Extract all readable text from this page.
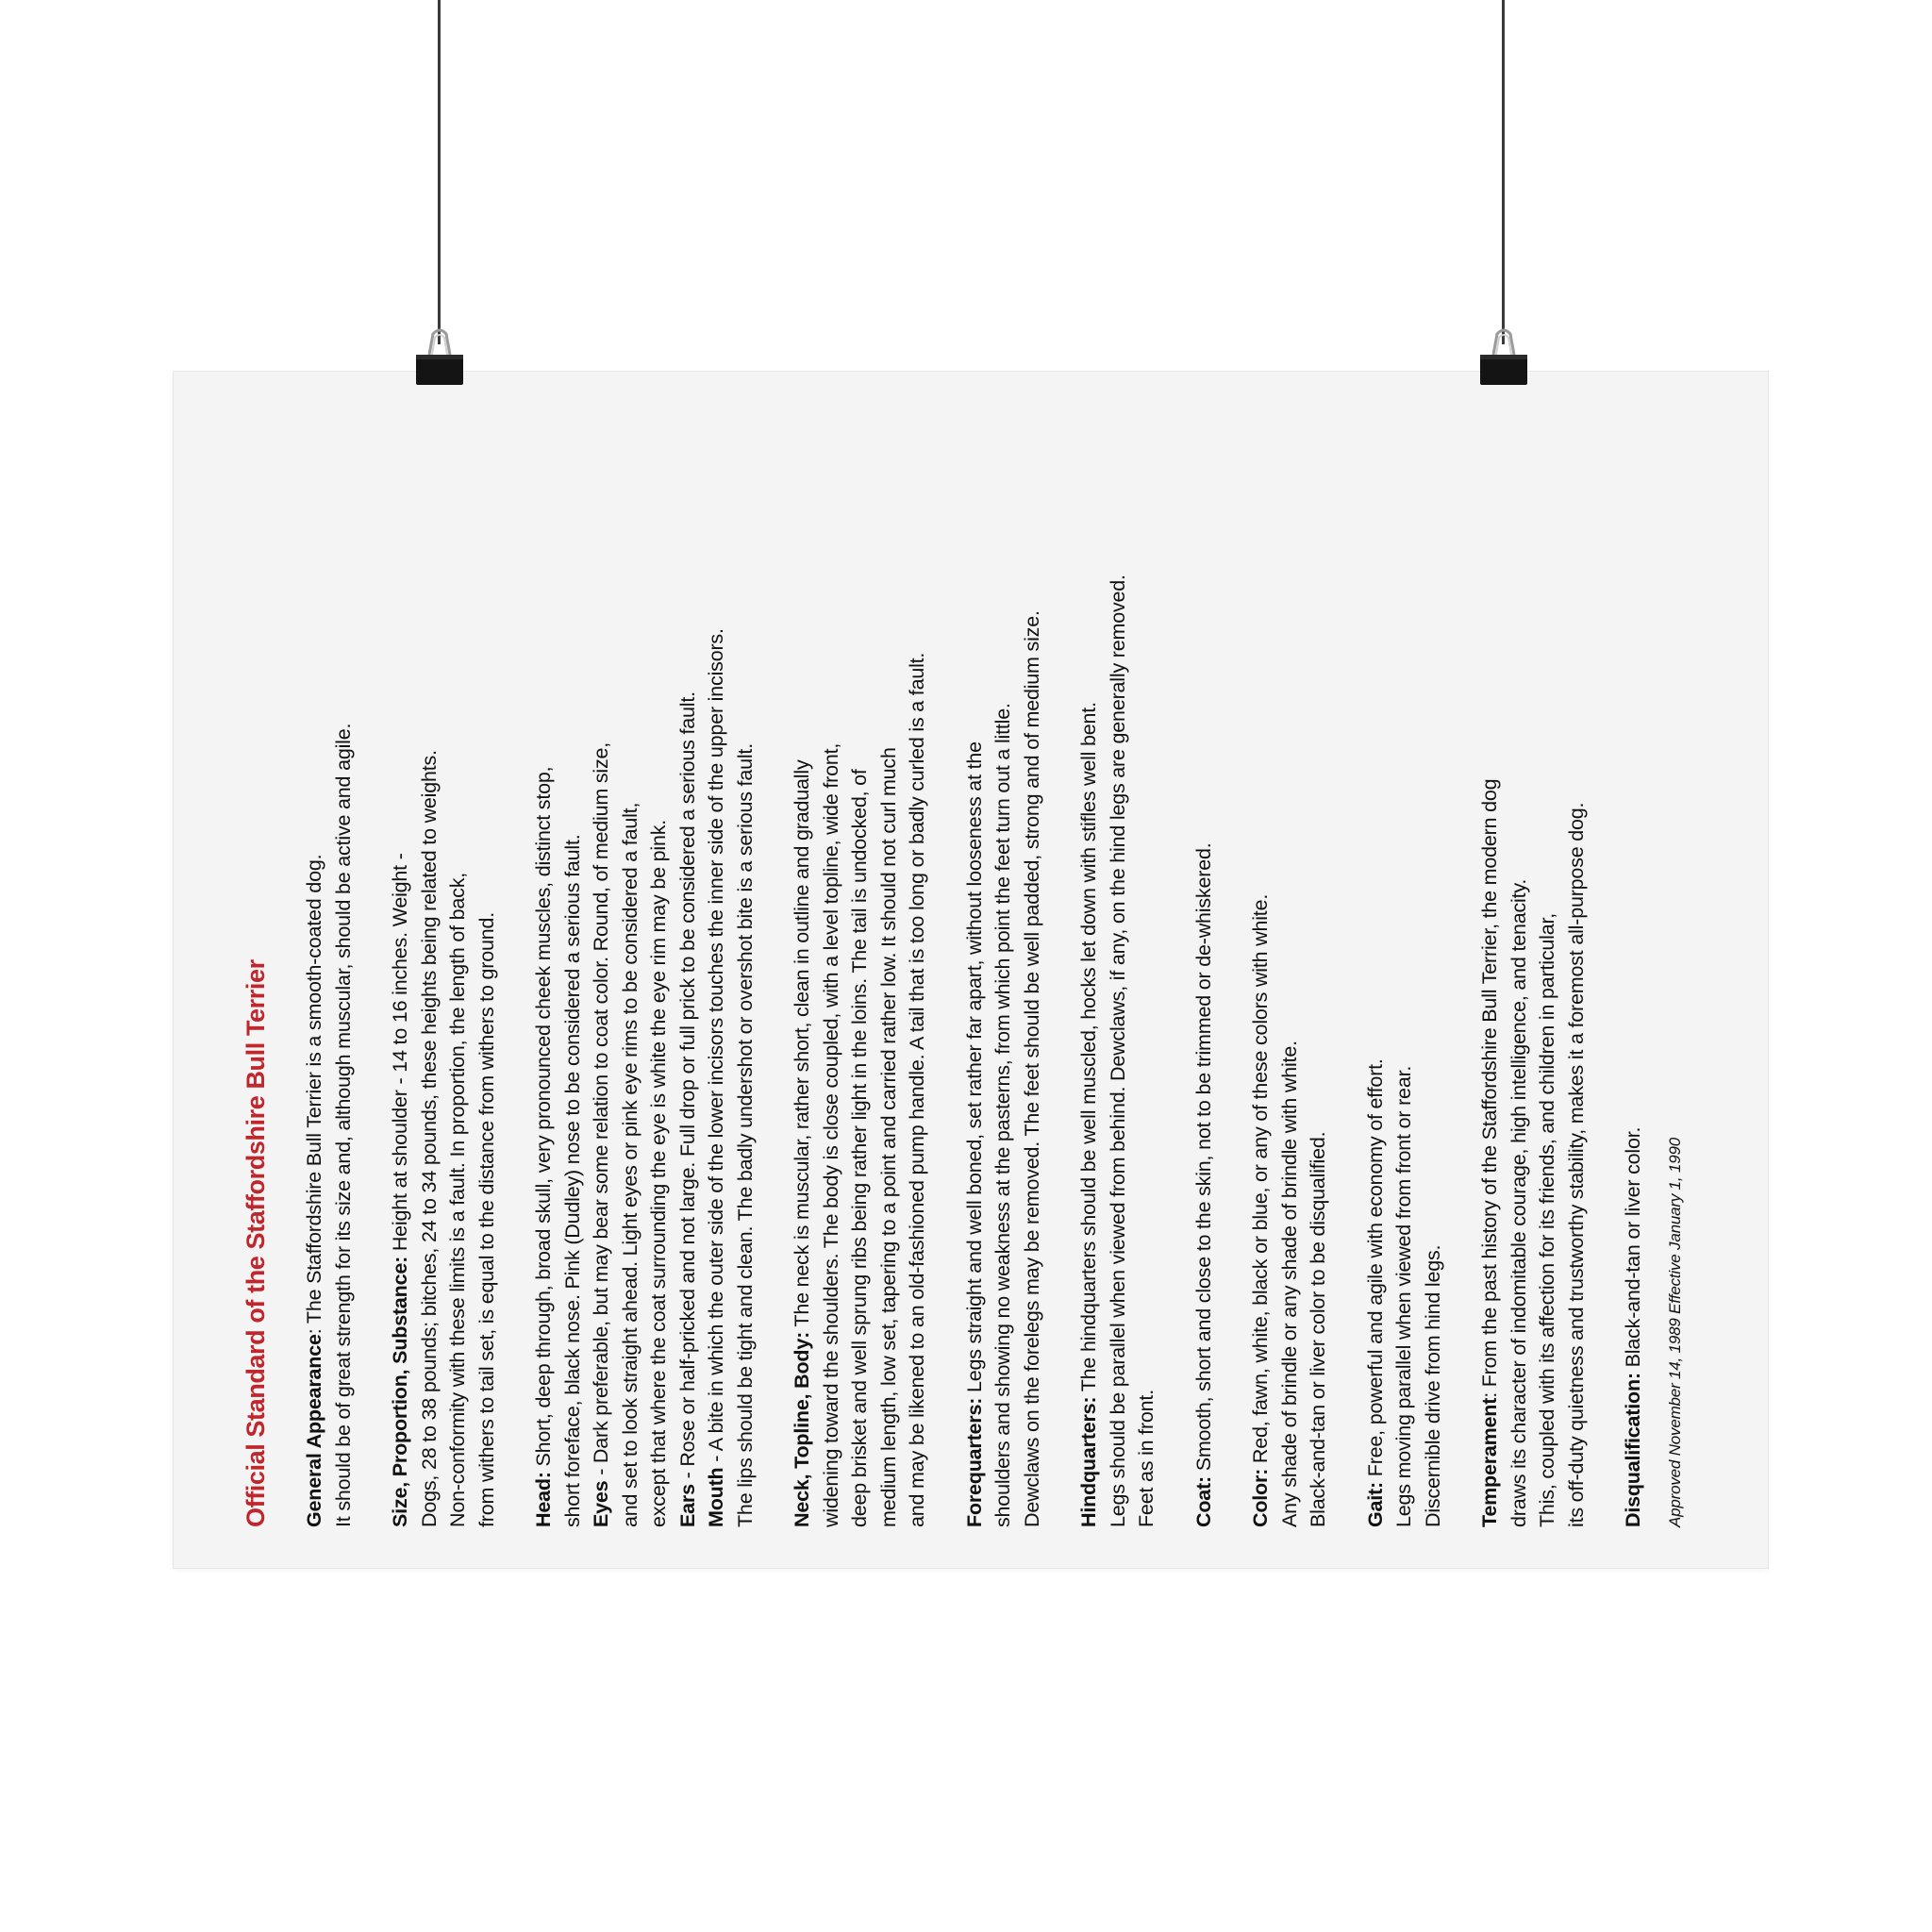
Official Standard of the Staffordshire Bull Terrier General Appearance: The Staffordshire Bull Terrier is a smooth-coated dog. It should be of great strength for its size and, although muscular, should be active and agile. Size, Proportion, Substance: Height at shoulder - 14 to 16 inches. Weight - Dogs, 28 to 38 pounds; bitches, 24 to 34 pounds, these heights being related to weights. Non-conformity with these limits is a fault. In proportion, the length of back, from withers to tail set, is equal to the distance from withers to ground. Head: Short, deep through, broad skull, very pronounced cheek muscles, distinct stop, short foreface, black nose. Pink (Dudley) nose to be considered a serious fault. Eyes - Dark preferable, but may bear some relation to coat color. Round, of medium size, and set to look straight ahead. Light eyes or pink eye rims to be considered a fault, except that where the coat surrounding the eye is white the eye rim may be pink. Ears - Rose or half-pricked and not large. Full drop or full prick to be considered a serious fault.
Mouth - A bite in which the outer side of the lower incisors touches the inner side of the upper incisors. The lips should be tight and clean. The badly undershot or overshot bite is a serious fault. Neck, Topline, Body: The neck is muscular, rather short, clean in outline and gradually widening toward the shoulders. The body is close coupled, with a level topline, wide front, deep brisket and well sprung ribs being rather light in the loins. The tail is undocked, of medium length, low set, tapering to a point and carried rather low. It should not curl much and may be likened to an old-fashioned pump handle. A tail that is too long or badly curled is a fault. Forequarters: Legs straight and well boned, set rather far apart, without looseness at the shoulders and showing no weakness at the pasterns, from which point the feet turn out a little. Dewclaws on the forelegs may be removed. The feet should be well padded, strong and of medium size. Hindquarters: The hindquarters should be well muscled, hocks let down with stifles well bent. Legs should be parallel when viewed from behind. Dewclaws, if any, on the hind legs are generally removed. Feet as in front. Coat: Smooth, short and close to the skin, not to be trimmed or de-whiskered.
Color: Red, fawn, white, black or blue, or any of these colors with white. Any shade of brindle or any shade of brindle with white. Black-and-tan or liver color to be disqualified. Gait: Free, powerful and agile with economy of effort. Legs moving parallel when viewed from front or rear. Discernible drive from hind legs. Temperament: From the past history of the Staffordshire Bull Terrier, the modern dog draws its character of indomitable courage, high intelligence, and tenacity. This, coupled with its affection for its friends, and children in particular, its off-duty quietness and trustworthy stability, makes it a foremost all-purpose dog. Disqualification: Black-and-tan or liver color. Approved November 14, 1989 Effective January 1, 1990
